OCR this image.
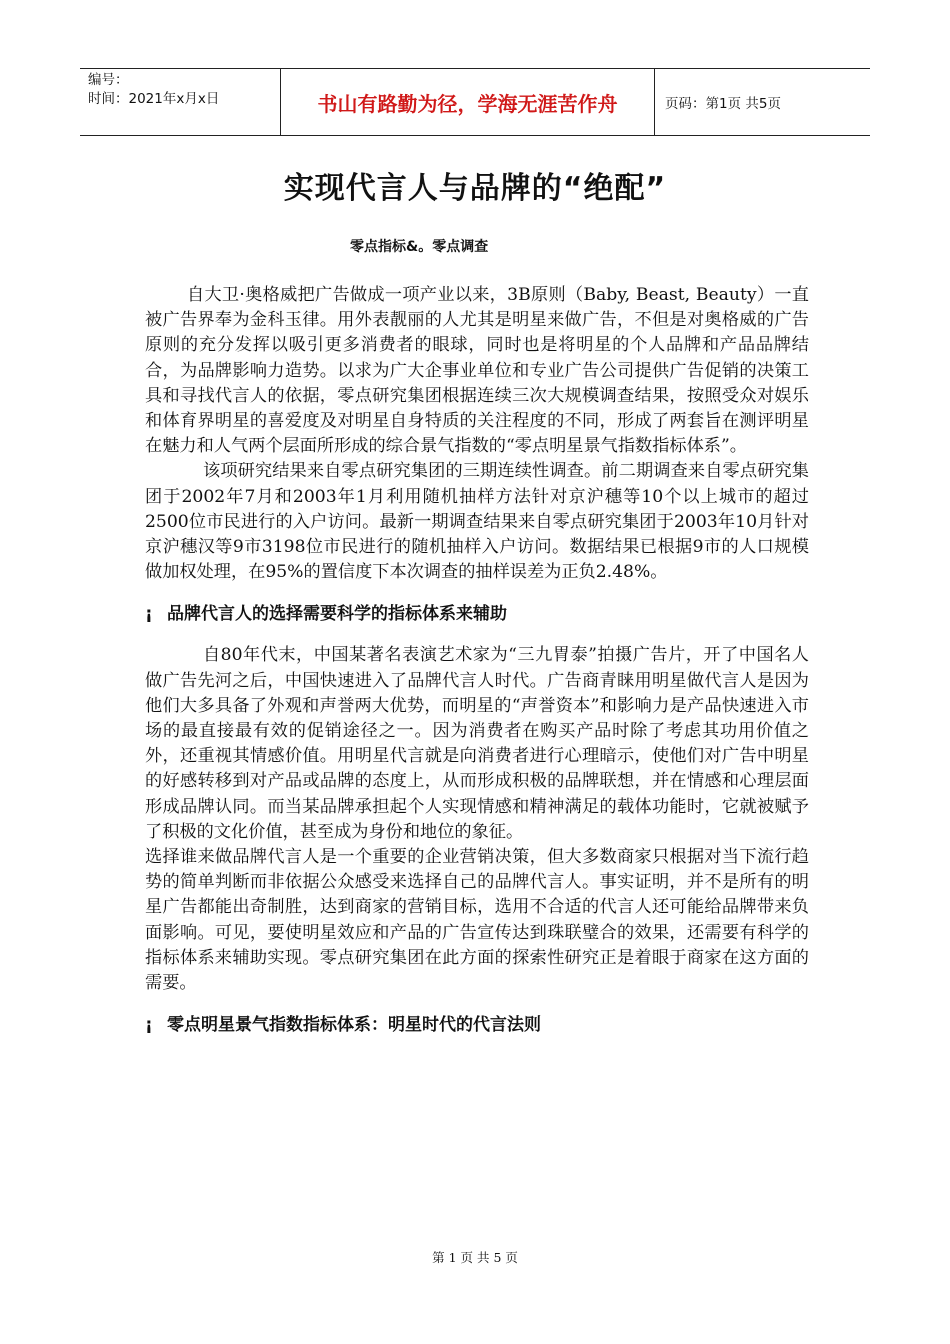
编号：
时间：2021年x月x日	书山有路勤为径，学海无涯苦作舟	页码：第1页 共5页
实现代言人与品牌的“绝配”
零点指标&。零点调查

自大卫·奥格威把广告做成一项产业以来，3B原则（Baby, Beast, Beauty）一直被广告界奉为金科玉律。用外表靓丽的人尤其是明星来做广告，不但是对奥格威的广告原则的充分发挥以吸引更多消费者的眼球，同时也是将明星的个人品牌和产品品牌结合，为品牌影响力造势。以求为广大企事业单位和专业广告公司提供广告促销的决策工具和寻找代言人的依据，零点研究集团根据连续三次大规模调查结果，按照受众对娱乐和体育界明星的喜爱度及对明星自身特质的关注程度的不同，形成了两套旨在测评明星在魅力和人气两个层面所形成的综合景气指数的“零点明星景气指数指标体系”。

该项研究结果来自零点研究集团的三期连续性调查。前二期调查来自零点研究集团于2002年7月和2003年1月利用随机抽样方法针对京沪穗等10个以上城市的超过2500位市民进行的入户访问。最新一期调查结果来自零点研究集团于2003年10月针对京沪穗汉等9市3198位市民进行的随机抽样入户访问。数据结果已根据9市的人口规模做加权处理，在95%的置信度下本次调查的抽样误差为正负2.48%。

¡ 品牌代言人的选择需要科学的指标体系来辅助

自80年代末，中国某著名表演艺术家为“三九胃泰”拍摄广告片，开了中国名人做广告先河之后，中国快速进入了品牌代言人时代。广告商青睐用明星做代言人是因为他们大多具备了外观和声誉两大优势，而明星的“声誉资本”和影响力是产品快速进入市场的最直接最有效的促销途径之一。因为消费者在购买产品时除了考虑其功用价值之外，还重视其情感价值。用明星代言就是向消费者进行心理暗示，使他们对广告中明星的好感转移到对产品或品牌的态度上，从而形成积极的品牌联想，并在情感和心理层面形成品牌认同。而当某品牌承担起个人实现情感和精神满足的载体功能时，它就被赋予了积极的文化价值，甚至成为身份和地位的象征。

选择谁来做品牌代言人是一个重要的企业营销决策，但大多数商家只根据对当下流行趋势的简单判断而非依据公众感受来选择自己的品牌代言人。事实证明，并不是所有的明星广告都能出奇制胜，达到商家的营销目标，选用不合适的代言人还可能给品牌带来负面影响。可见，要使明星效应和产品的广告宣传达到珠联璧合的效果，还需要有科学的指标体系来辅助实现。零点研究集团在此方面的探索性研究正是着眼于商家在这方面的需要。

¡ 零点明星景气指数指标体系：明星时代的代言法则

第 1 页 共 5 页
